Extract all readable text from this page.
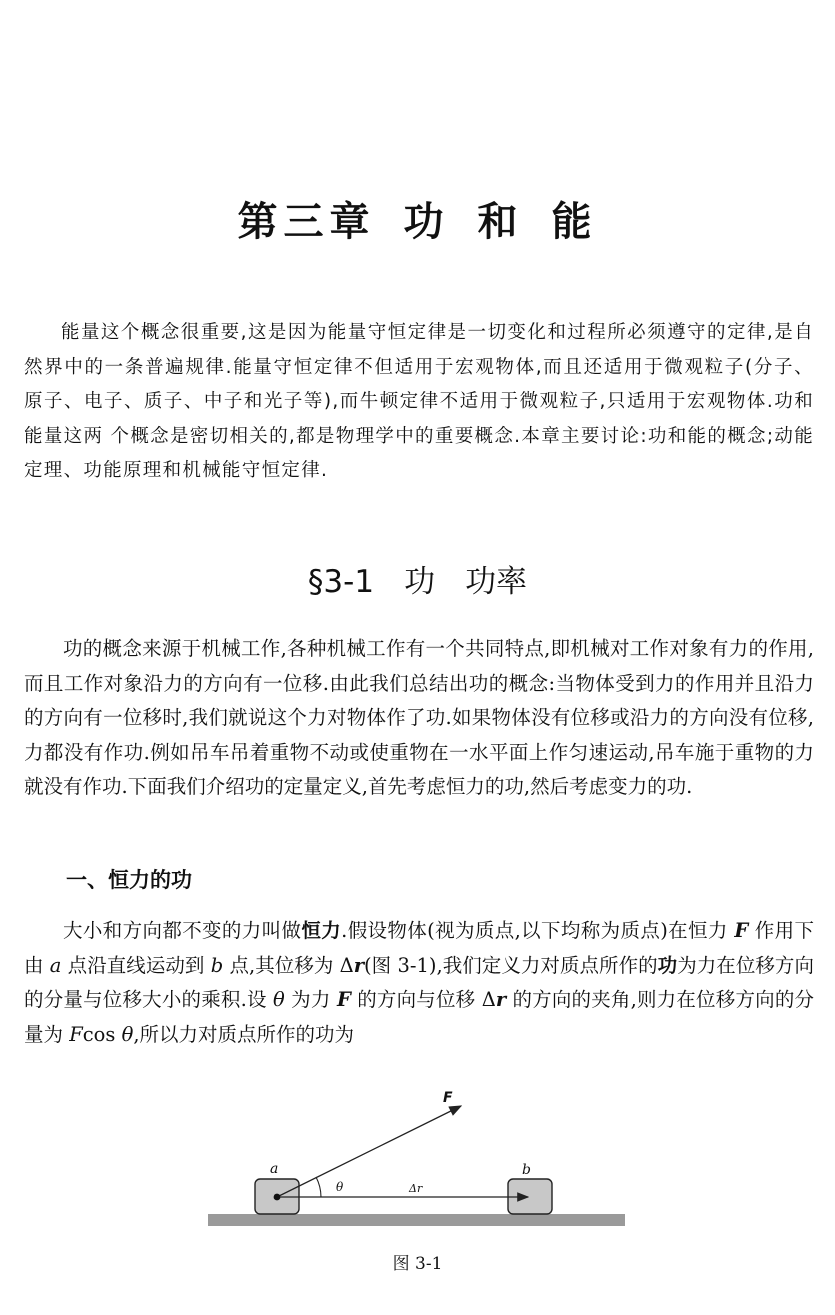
第三章 功 和 能
能量这个概念很重要,这是因为能量守恒定律是一切变化和过程所必须遵守的定律,是自然界中的一条普遍规律.能量守恒定律不但适用于宏观物体,而且还适用于微观粒子(分子、原子、电子、质子、中子和光子等),而牛顿定律不适用于微观粒子,只适用于宏观物体.功和能量这两 个概念是密切相关的,都是物理学中的重要概念.本章主要讨论:功和能的概念;动能定理、功能原理和机械能守恒定律.
§3-1 功 功率
功的概念来源于机械工作,各种机械工作有一个共同特点,即机械对工作对象有力的作用,而且工作对象沿力的方向有一位移.由此我们总结出功的概念:当物体受到力的作用并且沿力的方向有一位移时,我们就说这个力对物体作了功.如果物体没有位移或沿力的方向没有位移,力都没有作功.例如吊车吊着重物不动或使重物在一水平面上作匀速运动,吊车施于重物的力就没有作功.下面我们介绍功的定量定义,首先考虑恒力的功,然后考虑变力的功.
一、恒力的功
大小和方向都不变的力叫做恒力.假设物体(视为质点,以下均称为质点)在恒力 F 作用下由 a 点沿直线运动到 b 点,其位移为 Δr(图 3-1),我们定义力对质点所作的功为力在位移方向的分量与位移大小的乘积.设 θ 为力 F 的方向与位移 Δr 的方向的夹角,则力在位移方向的分量为 Fcos θ,所以力对质点所作的功为
F
a	b
θ	Δr
图 3-1
